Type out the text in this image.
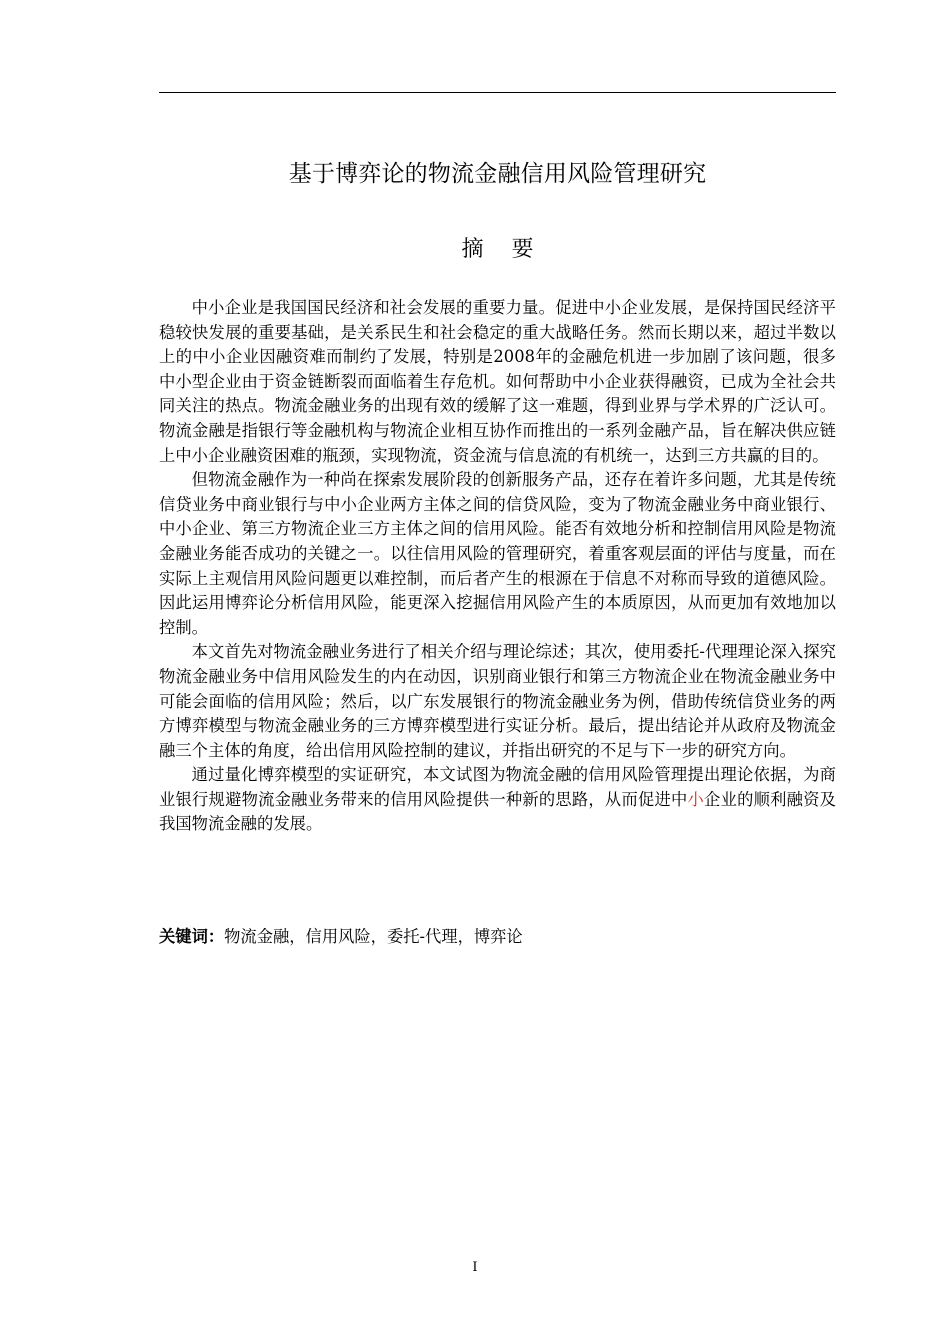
基于博弈论的物流金融信用风险管理研究
摘 要

中小企业是我国国民经济和社会发展的重要力量。促进中小企业发展，是保持国民经济平稳较快发展的重要基础，是关系民生和社会稳定的重大战略任务。然而长期以来，超过半数以上的中小企业因融资难而制约了发展，特别是2008年的金融危机进一步加剧了该问题，很多中小型企业由于资金链断裂而面临着生存危机。如何帮助中小企业获得融资，已成为全社会共同关注的热点。物流金融业务的出现有效的缓解了这一难题，得到业界与学术界的广泛认可。物流金融是指银行等金融机构与物流企业相互协作而推出的一系列金融产品，旨在解决供应链上中小企业融资困难的瓶颈，实现物流，资金流与信息流的有机统一，达到三方共赢的目的。

但物流金融作为一种尚在探索发展阶段的创新服务产品，还存在着许多问题，尤其是传统信贷业务中商业银行与中小企业两方主体之间的信贷风险，变为了物流金融业务中商业银行、中小企业、第三方物流企业三方主体之间的信用风险。能否有效地分析和控制信用风险是物流金融业务能否成功的关键之一。以往信用风险的管理研究，着重客观层面的评估与度量，而在实际上主观信用风险问题更以难控制，而后者产生的根源在于信息不对称而导致的道德风险。因此运用博弈论分析信用风险，能更深入挖掘信用风险产生的本质原因，从而更加有效地加以控制。

本文首先对物流金融业务进行了相关介绍与理论综述；其次，使用委托-代理理论深入探究物流金融业务中信用风险发生的内在动因，识别商业银行和第三方物流企业在物流金融业务中可能会面临的信用风险；然后，以广东发展银行的物流金融业务为例，借助传统信贷业务的两方博弈模型与物流金融业务的三方博弈模型进行实证分析。最后，提出结论并从政府及物流金融三个主体的角度，给出信用风险控制的建议，并指出研究的不足与下一步的研究方向。

通过量化博弈模型的实证研究，本文试图为物流金融的信用风险管理提出理论依据，为商业银行规避物流金融业务带来的信用风险提供一种新的思路，从而促进中小企业的顺利融资及我国物流金融的发展。

关键词：物流金融，信用风险，委托-代理，博弈论
I
